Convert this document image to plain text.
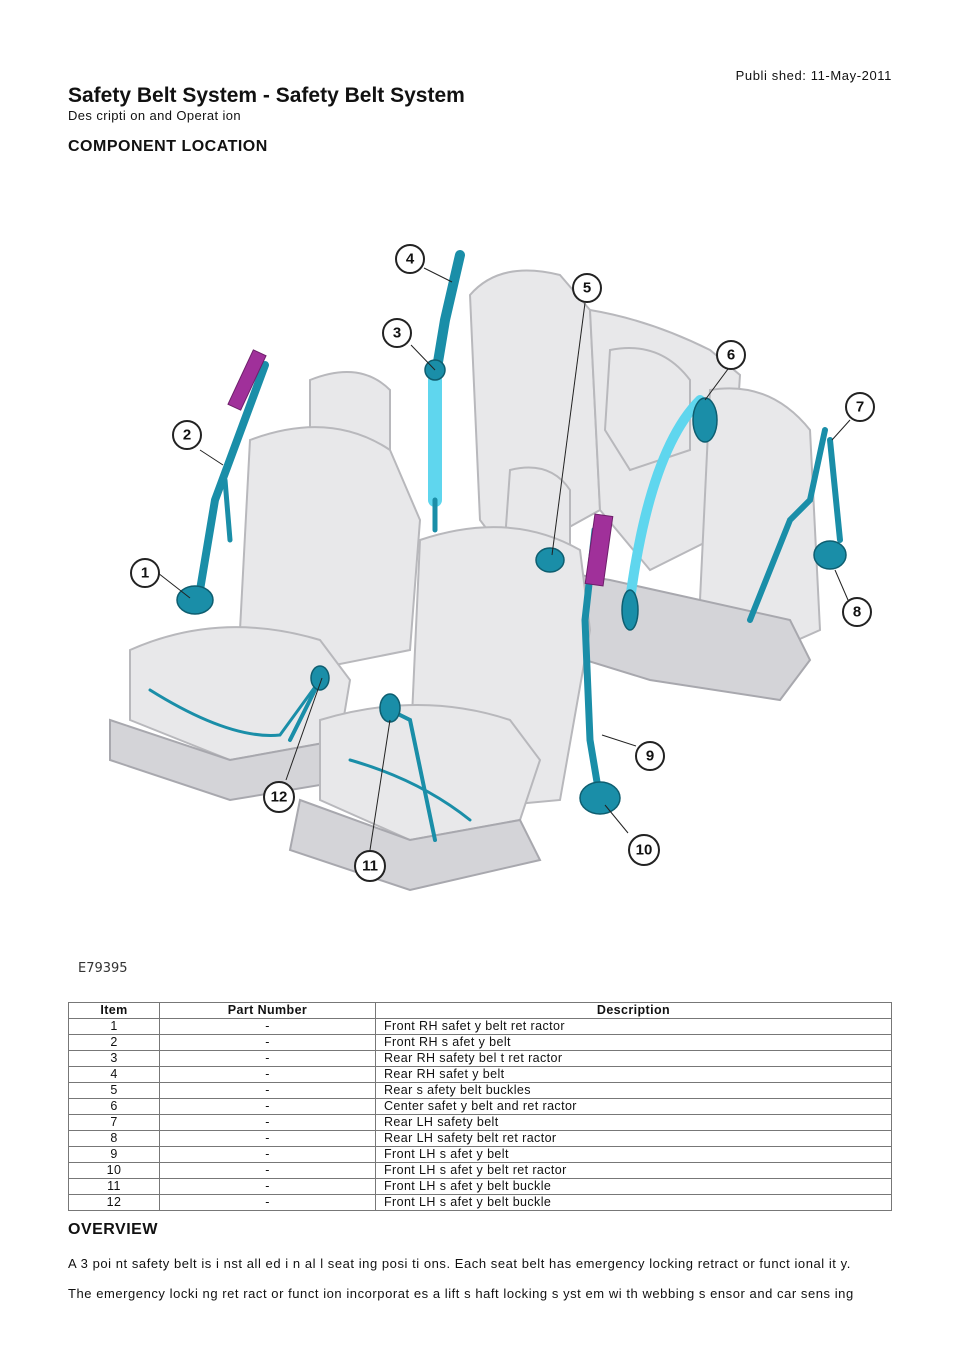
Publi shed: 11-May-2011
Safety Belt System - Safety Belt System
Des cripti on and Operat ion
COMPONENT LOCATION
1
2
3
4
5
6
7
8
9
10
11
12
E79395
Item	Part Number	Description
1	-	Front RH safet y belt ret ractor
2	-	Front RH s afet y belt
3	-	Rear RH safety bel t ret ractor
4	-	Rear RH safet y belt
5	-	Rear s afety belt buckles
6	-	Center safet y belt and ret ractor
7	-	Rear LH safety belt
8	-	Rear LH safety belt ret ractor
9	-	Front LH s afet y belt
10	-	Front LH s afet y belt ret ractor
11	-	Front LH s afet y belt buckle
12	-	Front LH s afet y belt buckle
OVERVIEW

A 3 poi nt safety belt is i nst all ed i n al l seat ing posi ti ons. Each seat belt has emergency locking retract or funct ional it y.

The emergency locki ng ret ract or funct ion incorporat es a lift s haft locking s yst em wi th webbing s ensor and car sens ing
